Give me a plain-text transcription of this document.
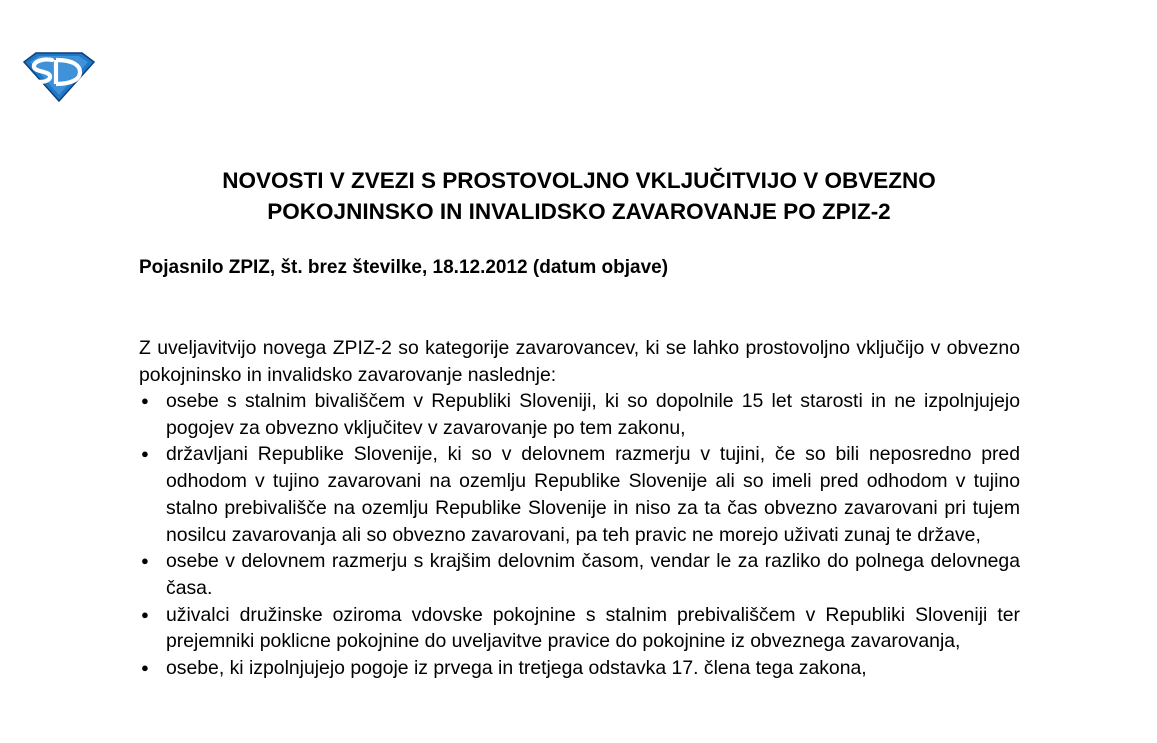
NOVOSTI V ZVEZI S PROSTOVOLJNO VKLJUČITVIJO V OBVEZNO
POKOJNINSKO IN INVALIDSKO ZAVAROVANJE PO ZPIZ-2

Pojasnilo ZPIZ, št. brez številke, 18.12.2012 (datum objave)

Z uveljavitvijo novega ZPIZ-2 so kategorije zavarovancev, ki se lahko prostovoljno vključijo v obvezno pokojninsko in invalidsko zavarovanje naslednje:

● osebe s stalnim bivališčem v Republiki Sloveniji, ki so dopolnile 15 let starosti in ne izpolnjujejo pogojev za obvezno vključitev v zavarovanje po tem zakonu,
● državljani Republike Slovenije, ki so v delovnem razmerju v tujini, če so bili neposredno pred odhodom v tujino zavarovani na ozemlju Republike Slovenije ali so imeli pred odhodom v tujino stalno prebivališče na ozemlju Republike Slovenije in niso za ta čas obvezno zavarovani pri tujem nosilcu zavarovanja ali so obvezno zavarovani, pa teh pravic ne morejo uživati zunaj te države,
● osebe v delovnem razmerju s krajšim delovnim časom, vendar le za razliko do polnega delovnega časa.
● uživalci družinske oziroma vdovske pokojnine s stalnim prebivališčem v Republiki Sloveniji ter prejemniki poklicne pokojnine do uveljavitve pravice do pokojnine iz obveznega zavarovanja,
● osebe, ki izpolnjujejo pogoje iz prvega in tretjega odstavka 17. člena tega zakona,
